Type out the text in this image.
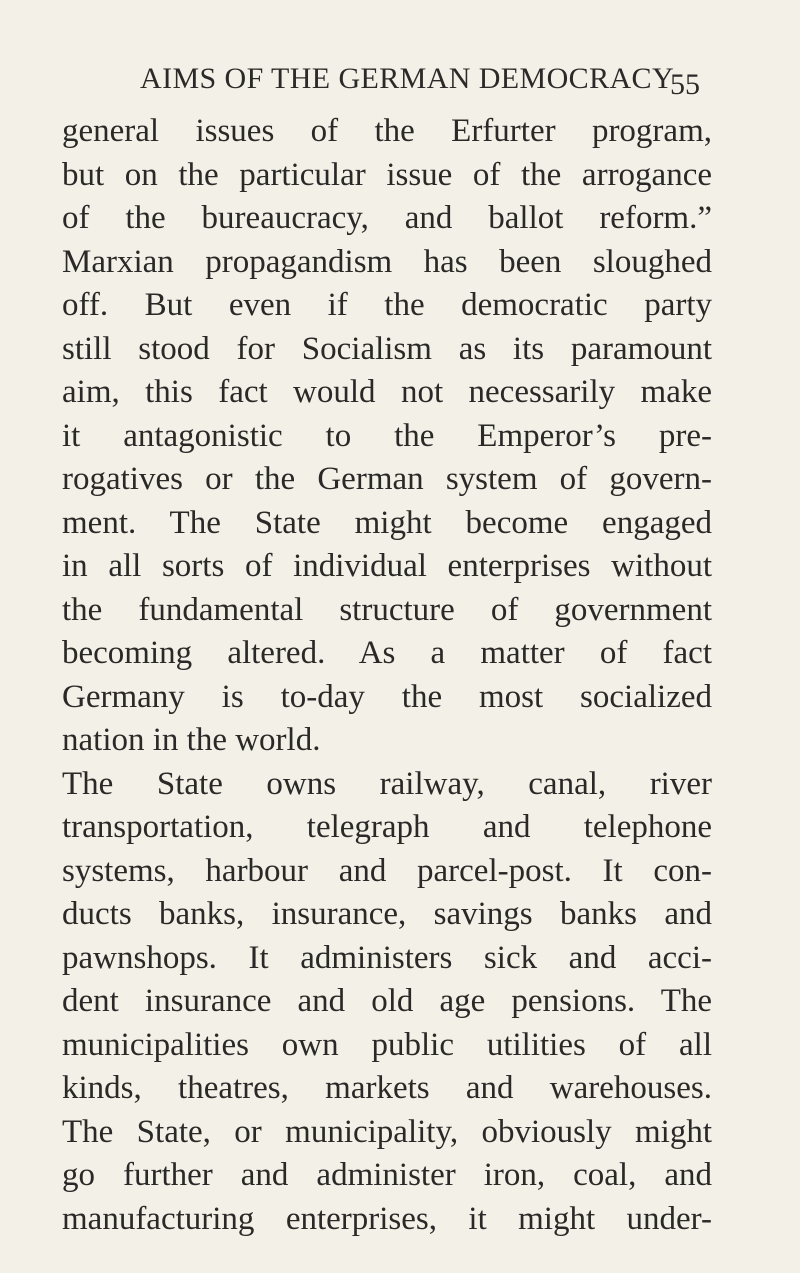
AIMS OF THE GERMAN DEMOCRACY
55
general issues of the Erfurter program,
but on the particular issue of the arrogance
of the bureaucracy, and ballot reform.”
Marxian propagandism has been sloughed
off. But even if the democratic party
still stood for Socialism as its paramount
aim, this fact would not necessarily make
it antagonistic to the Emperor’s pre-
rogatives or the German system of govern-
ment. The State might become engaged
in all sorts of individual enterprises without
the fundamental structure of government
becoming altered. As a matter of fact
Germany is to-day the most socialized
nation in the world.
The State owns railway, canal, river
transportation, telegraph and telephone
systems, harbour and parcel-post. It con-
ducts banks, insurance, savings banks and
pawnshops. It administers sick and acci-
dent insurance and old age pensions. The
municipalities own public utilities of all
kinds, theatres, markets and warehouses.
The State, or municipality, obviously might
go further and administer iron, coal, and
manufacturing enterprises, it might under-
